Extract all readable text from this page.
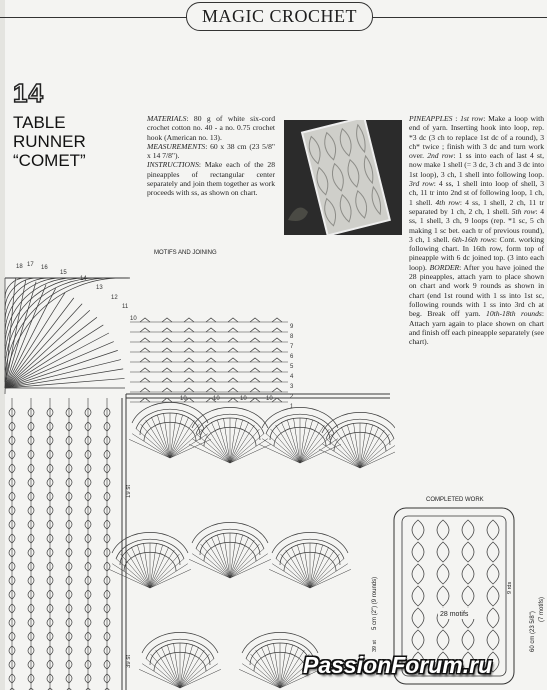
MAGIC CROCHET
14
TABLE
RUNNER
“COMET”
MATERIALS: 80 g of white six-cord crochet cotton no. 40 - a no. 0.75 crochet hook (American no. 13).
MEASUREMENTS: 60 x 38 cm (23 5/8" x 14 7/8").
INSTRUCTIONS: Make each of the 28 pineapples of rectangular center separately and join them together as work proceeds with ss, as shown on chart.
PINEAPPLES : 1st row: Make a loop with end of yarn. Inserting hook into loop, rep. *3 dc (3 ch to replace 1st dc of a round), 3 ch* twice ; finish with 3 dc and turn work over. 2nd row: 1 ss into each of last 4 st, now make 1 shell (= 3 dc, 3 ch and 3 dc into 1st loop), 3 ch, 1 shell into following loop. 3rd row: 4 ss, 1 shell into loop of shell, 3 ch, 11 tr into 2nd st of following loop, 1 ch, 1 shell. 4th row: 4 ss, 1 shell, 2 ch, 11 tr separated by 1 ch, 2 ch, 1 shell. 5th row: 4 ss, 1 shell, 3 ch, 9 loops (rep. *1 sc, 5 ch making 1 sc bet. each tr of previous round), 3 ch, 1 shell. 6th-16th rows: Cont. working following chart. In 16th row, form top of pineapple with 6 dc joined top. (3 into each loop). BORDER: After you have joined the 28 pineapples, attach yarn to place shown on chart and work 9 rounds as shown in chart (end 1st round with 1 ss into 1st sc, following rounds with 1 ss into 3rd ch at beg. Break off yarn. 10th-18th rounds: Attach yarn again to place shown on chart and finish off each pineapple separately (see chart).
MOTIFS AND JOINING
18 17 16
15
14
13
12
11
10
9
8
7
6
5
4
3
2
1
10	10	10	10
19 st
39 st
COMPLETED WORK
28 motifs
5 cm (2") (9 rounds)
60 cm (23 5/8")
(7 motifs)
9 rds
39 st
PassionForum.ru
